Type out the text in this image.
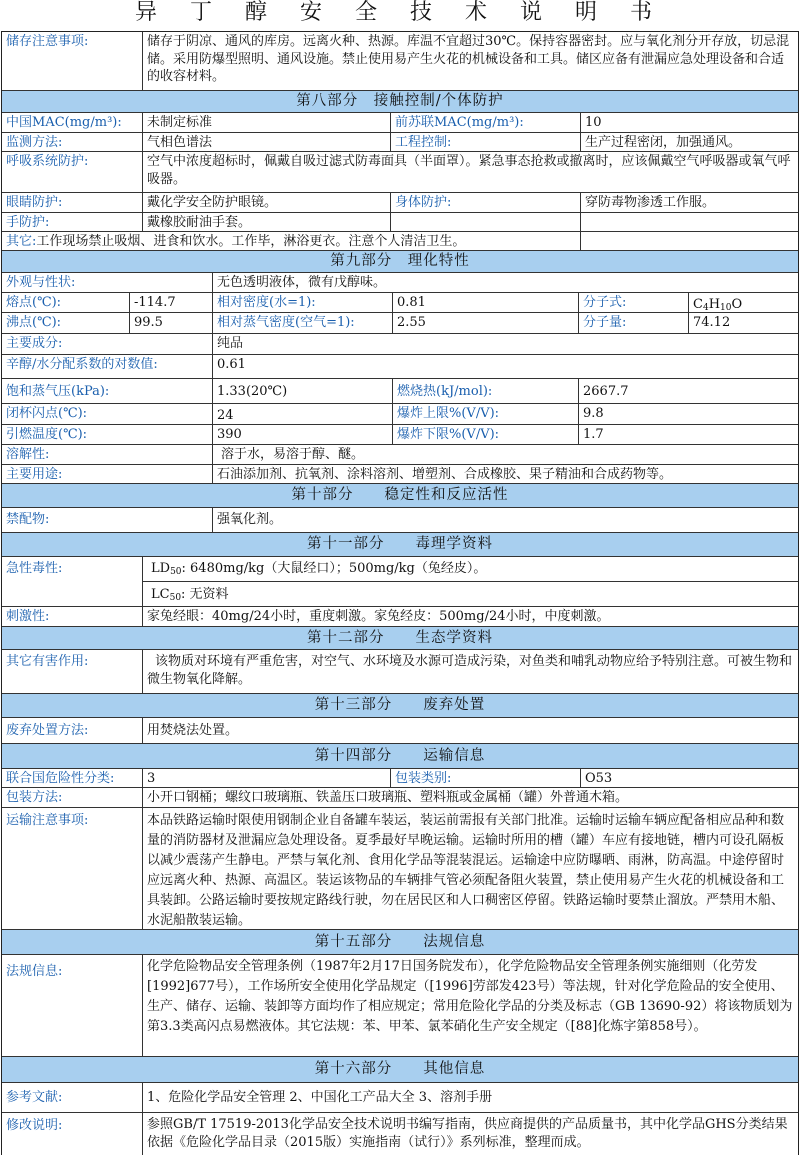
异 丁 醇 安 全 技 术 说 明 书
储存注意事项:	储存于阴凉、通风的库房。远离火种、热源。库温不宜超过30℃。保持容器密封。应与氧化剂分开存放，切忌混储。采用防爆型照明、通风设施。禁止使用易产生火花的机械设备和工具。储区应备有泄漏应急处理设备和合适的收容材料。
第八部分　接触控制/个体防护
中国MAC(mg/m³):	未制定标准	前苏联MAC(mg/m³):	10
监测方法:	气相色谱法	工程控制:	生产过程密闭，加强通风。
呼吸系统防护:	空气中浓度超标时，佩戴自吸过滤式防毒面具（半面罩）。紧急事态抢救或撤离时，应该佩戴空气呼吸器或氧气呼吸器。
眼睛防护:	戴化学安全防护眼镜。	身体防护:	穿防毒物渗透工作服。
手防护:	戴橡胶耐油手套。
其它:工作现场禁止吸烟、进食和饮水。工作毕，淋浴更衣。注意个人清洁卫生。
第九部分　理化特性
外观与性状:	无色透明液体，微有戊醇味。
熔点(℃):	-114.7	相对密度(水=1):	0.81	分子式:	$C_4H_{10}O$
沸点(℃):	99.5	相对蒸气密度(空气=1):	2.55	分子量:	74.12
主要成分:	纯品
辛醇/水分配系数的对数值:	0.61
饱和蒸气压(kPa):	1.33(20℃)	燃烧热(kJ/mol):	2667.7
闭杯闪点(℃):	24	爆炸上限%(V/V):	9.8
引燃温度(℃):	390	爆炸下限%(V/V):	1.7
溶解性:	溶于水，易溶于醇、醚。
主要用途:	石油添加剂、抗氧剂、涂料溶剂、增塑剂、合成橡胶、果子精油和合成药物等。
第十部分　　稳定性和反应活性
禁配物:	强氧化剂。
第十一部分　　毒理学资料
急性毒性:	$LD_{50}$: 6480mg/kg（大鼠经口）；500mg/kg（兔经皮）。
$LC_{50}$: 无资料
刺激性:	家兔经眼：40mg/24小时，重度刺激。家兔经皮：500mg/24小时，中度刺激。
第十二部分　　生态学资料
其它有害作用:	该物质对环境有严重危害，对空气、水环境及水源可造成污染，对鱼类和哺乳动物应给予特别注意。可被生物和微生物氧化降解。
第十三部分　　废弃处置
废弃处置方法:	用焚烧法处置。
第十四部分　　运输信息
联合国危险性分类:	3	包装类别:	O53
包装方法:	小开口钢桶；螺纹口玻璃瓶、铁盖压口玻璃瓶、塑料瓶或金属桶（罐）外普通木箱。
运输注意事项:	本品铁路运输时限使用钢制企业自备罐车装运，装运前需报有关部门批准。运输时运输车辆应配备相应品种和数量的消防器材及泄漏应急处理设备。夏季最好早晚运输。运输时所用的槽（罐）车应有接地链，槽内可设孔隔板以减少震荡产生静电。严禁与氧化剂、食用化学品等混装混运。运输途中应防曝晒、雨淋，防高温。中途停留时应远离火种、热源、高温区。装运该物品的车辆排气管必须配备阻火装置，禁止使用易产生火花的机械设备和工具装卸。公路运输时要按规定路线行驶，勿在居民区和人口稠密区停留。铁路运输时要禁止溜放。严禁用木船、水泥船散装运输。
第十五部分　　法规信息
法规信息:	化学危险物品安全管理条例（1987年2月17日国务院发布），化学危险物品安全管理条例实施细则（化劳发[1992]677号），工作场所安全使用化学品规定（[1996]劳部发423号）等法规，针对化学危险品的安全使用、生产、储存、运输、装卸等方面均作了相应规定；常用危险化学品的分类及标志（GB 13690-92）将该物质划为第3.3类高闪点易燃液体。其它法规：苯、甲苯、氯苯硝化生产安全规定（[88]化炼字第858号）。
第十六部分　　其他信息
参考文献:	1、危险化学品安全管理 2、中国化工产品大全 3、溶剂手册
修改说明:	参照GB/T 17519-2013化学品安全技术说明书编写指南，供应商提供的产品质量书，其中化学品GHS分类结果依据《危险化学品目录（2015版）实施指南（试行）》系列标准，整理而成。
